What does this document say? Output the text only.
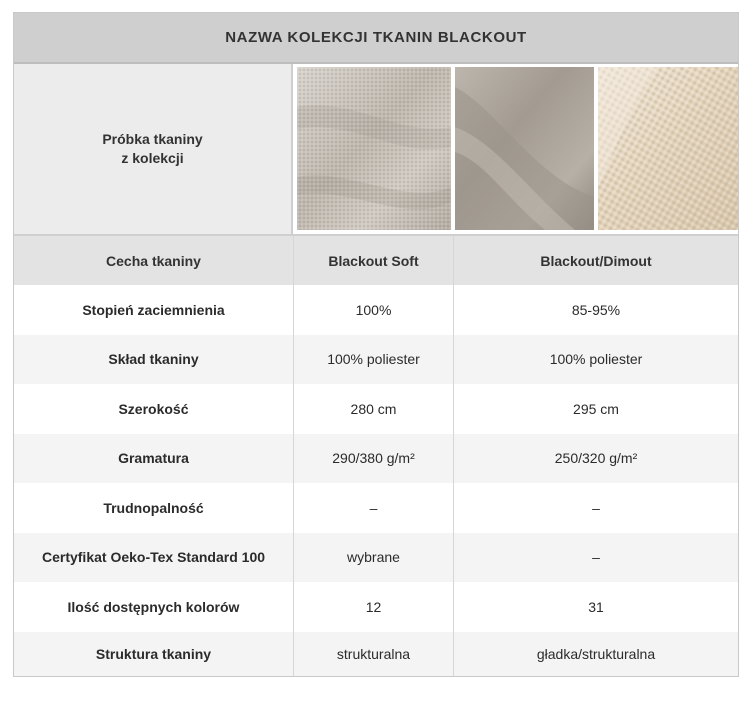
NAZWA KOLEKCJI TKANIN BLACKOUT
Próbka tkaniny
z kolekcji
Cecha tkaniny	Blackout Soft	Blackout/Dimout
Stopień zaciemnienia	100%	85-95%
Skład tkaniny	100% poliester	100% poliester
Szerokość	280 cm	295 cm
Gramatura	290/380 g/m²	250/320 g/m²
Trudnopalność	–	–
Certyfikat Oeko-Tex Standard 100	wybrane	–
Ilość dostępnych kolorów	12	31
Struktura tkaniny	strukturalna	gładka/strukturalna
